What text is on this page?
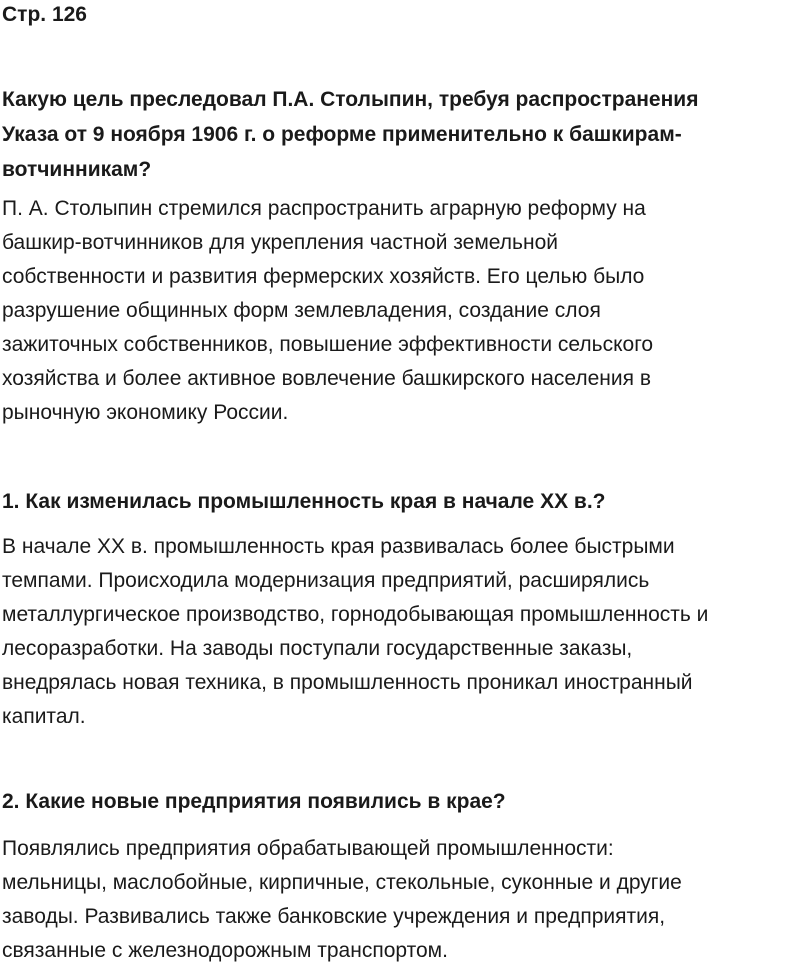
Стр. 126

Какую цель преследовал П.А. Столыпин, требуя распространения
Указа от 9 ноября 1906 г. о реформе применительно к башкирам-
вотчинникам?

П. А. Столыпин стремился распространить аграрную реформу на
башкир-вотчинников для укрепления частной земельной
собственности и развития фермерских хозяйств. Его целью было
разрушение общинных форм землевладения, создание слоя
зажиточных собственников, повышение эффективности сельского
хозяйства и более активное вовлечение башкирского населения в
рыночную экономику России.

1. Как изменилась промышленность края в начале XX в.?

В начале XX в. промышленность края развивалась более быстрыми
темпами. Происходила модернизация предприятий, расширялись
металлургическое производство, горнодобывающая промышленность и
лесоразработки. На заводы поступали государственные заказы,
внедрялась новая техника, в промышленность проникал иностранный
капитал.

2. Какие новые предприятия появились в крае?

Появлялись предприятия обрабатывающей промышленности:
мельницы, маслобойные, кирпичные, стекольные, суконные и другие
заводы. Развивались также банковские учреждения и предприятия,
связанные с железнодорожным транспортом.
